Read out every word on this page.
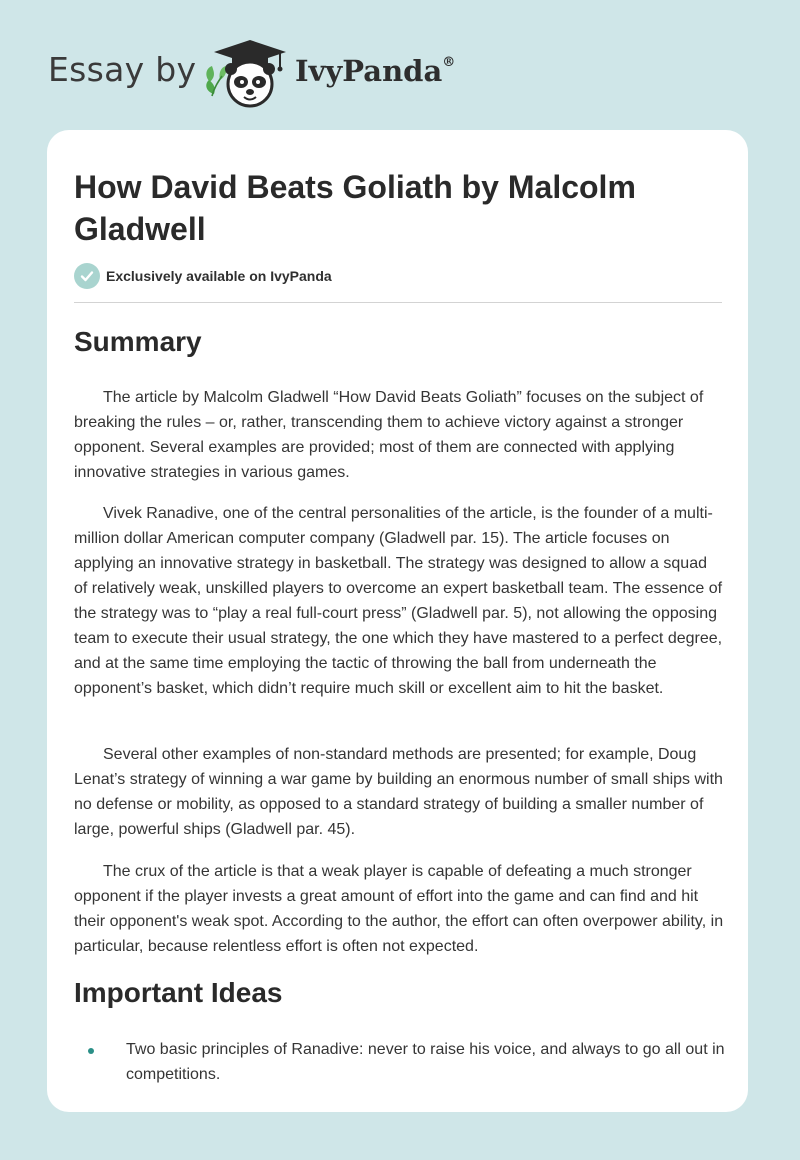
Essay by	IvyPanda®
How David Beats Goliath by Malcolm Gladwell
Exclusively available on IvyPanda
Summary

The article by Malcolm Gladwell “How David Beats Goliath” focuses on the subject of breaking the rules – or, rather, transcending them to achieve victory against a stronger opponent. Several examples are provided; most of them are connected with applying innovative strategies in various games.

Vivek Ranadive, one of the central personalities of the article, is the founder of a multi-million dollar American computer company (Gladwell par. 15). The article focuses on applying an innovative strategy in basketball. The strategy was designed to allow a squad of relatively weak, unskilled players to overcome an expert basketball team. The essence of the strategy was to “play a real full-court press” (Gladwell par. 5), not allowing the opposing team to execute their usual strategy, the one which they have mastered to a perfect degree, and at the same time employing the tactic of throwing the ball from underneath the opponent’s basket, which didn’t require much skill or excellent aim to hit the basket.

Several other examples of non-standard methods are presented; for example, Doug Lenat’s strategy of winning a war game by building an enormous number of small ships with no defense or mobility, as opposed to a standard strategy of building a smaller number of large, powerful ships (Gladwell par. 45).

The crux of the article is that a weak player is capable of defeating a much stronger opponent if the player invests a great amount of effort into the game and can find and hit their opponent's weak spot. According to the author, the effort can often overpower ability, in particular, because relentless effort is often not expected.

Important Ideas
Two basic principles of Ranadive: never to raise his voice, and always to go all out in competitions.
